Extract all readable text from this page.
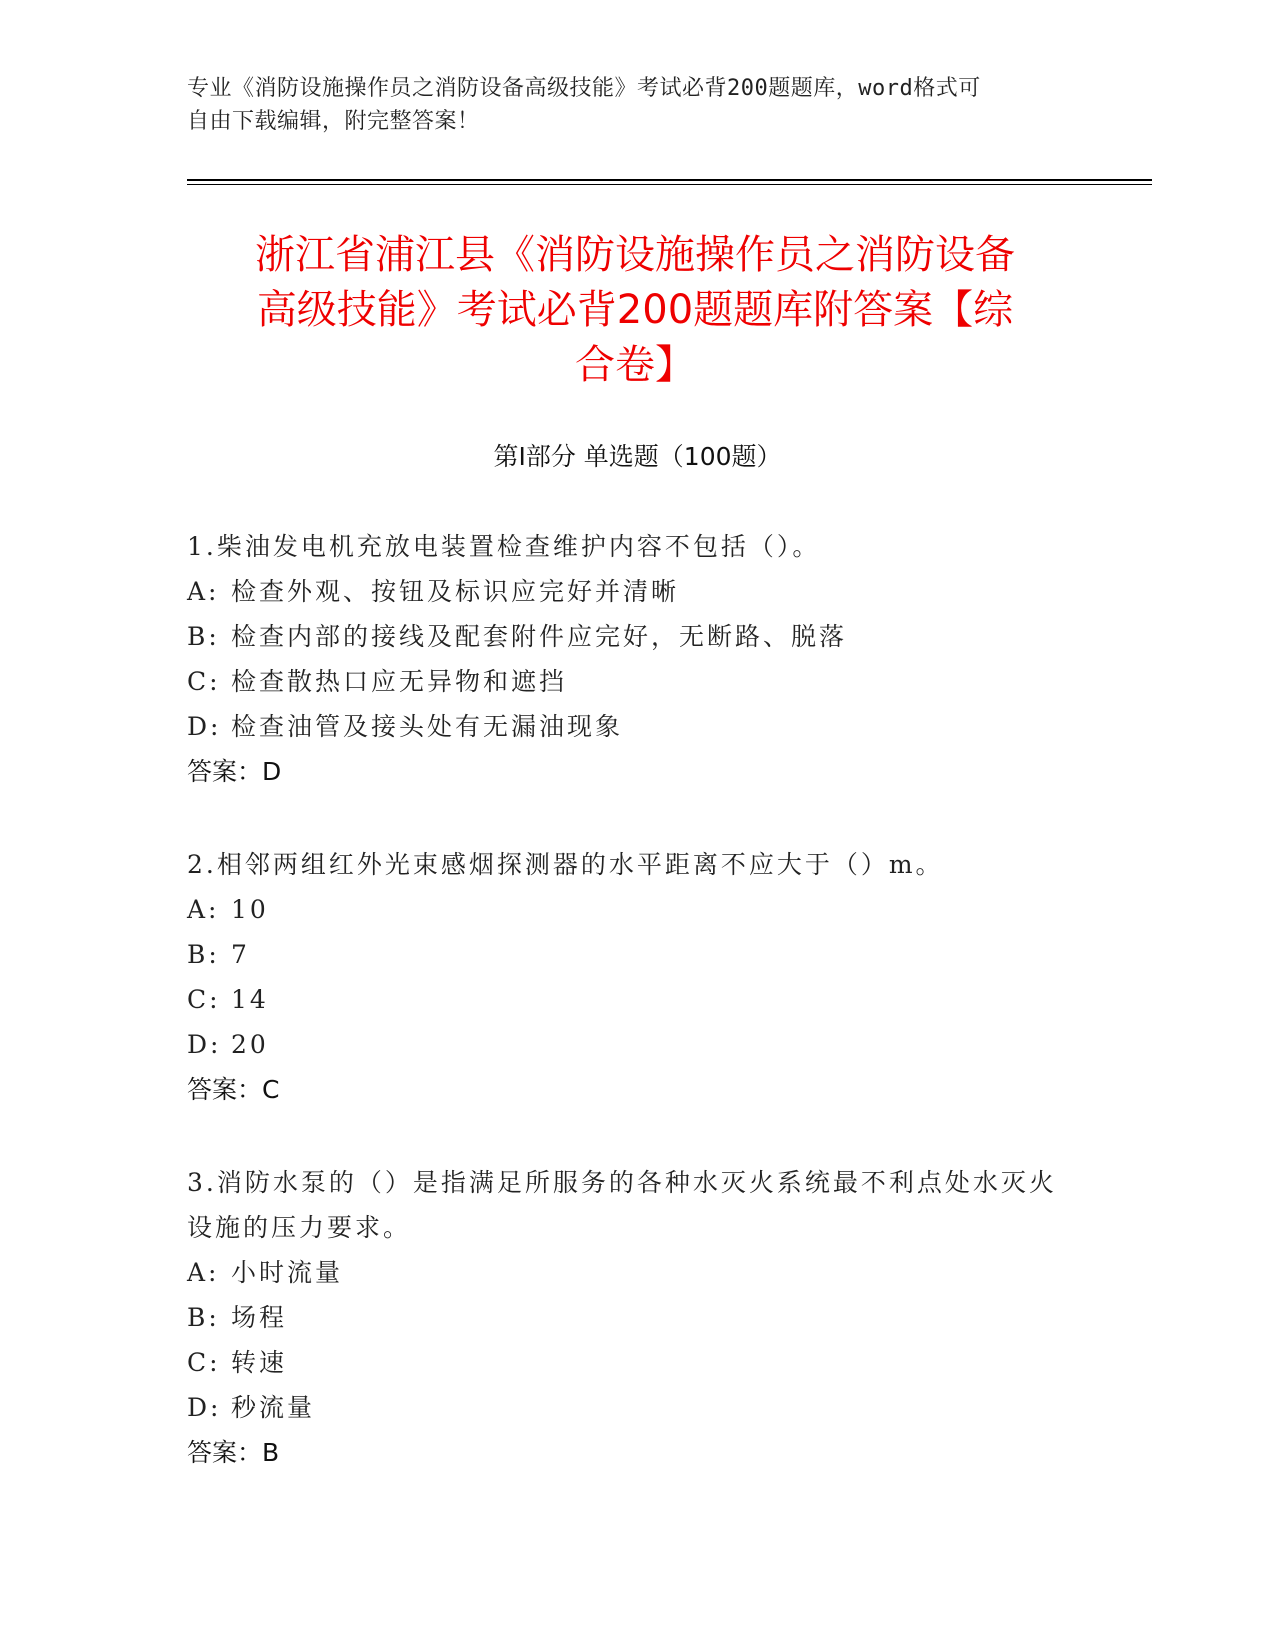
专业《消防设施操作员之消防设备高级技能》考试必背200题题库，word格式可
自由下载编辑，附完整答案！
浙江省浦江县《消防设施操作员之消防设备
高级技能》考试必背200题题库附答案【综
合卷】
第Ⅰ部分 单选题（100题）

1.柴油发电机充放电装置检查维护内容不包括（）。

A: 检查外观、按钮及标识应完好并清晰

B: 检查内部的接线及配套附件应完好，无断路、脱落

C: 检查散热口应无异物和遮挡

D: 检查油管及接头处有无漏油现象

答案：D

2.相邻两组红外光束感烟探测器的水平距离不应大于（）m。

A: 10

B: 7

C: 14

D: 20

答案：C

3.消防水泵的（）是指满足所服务的各种水灭火系统最不利点处水灭火设施的压力要求。

A: 小时流量

B: 场程

C: 转速

D: 秒流量

答案：B
